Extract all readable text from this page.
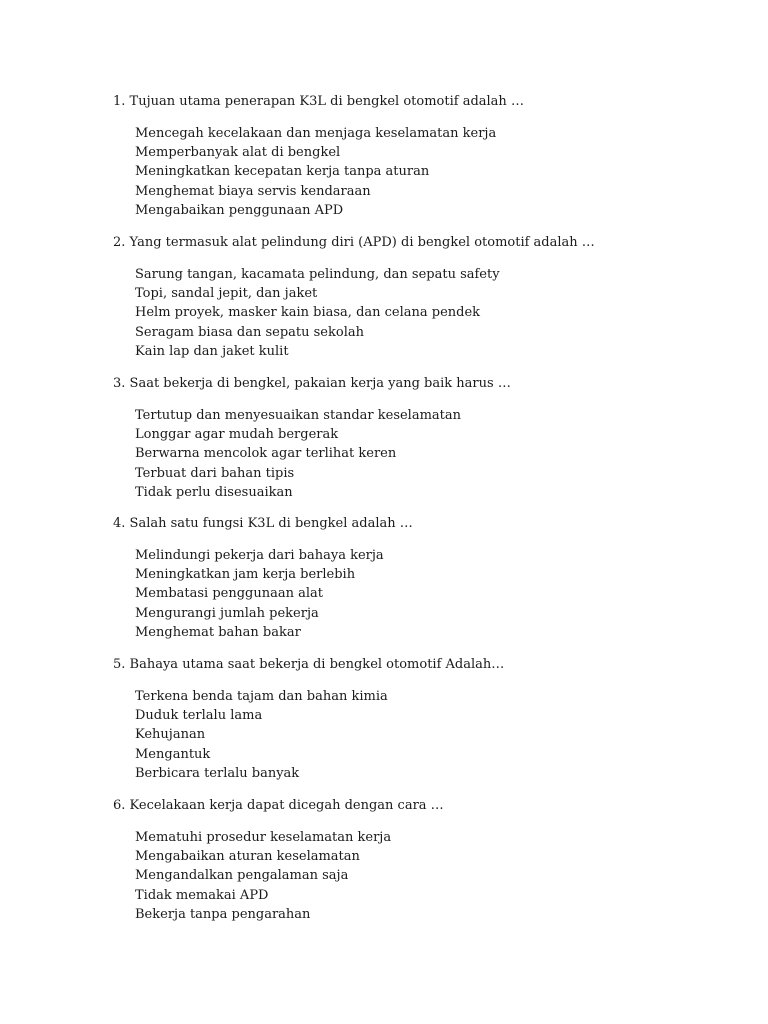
1. Tujuan utama penerapan K3L di bengkel otomotif adalah …
Mencegah kecelakaan dan menjaga keselamatan kerja
Memperbanyak alat di bengkel
Meningkatkan kecepatan kerja tanpa aturan
Menghemat biaya servis kendaraan
Mengabaikan penggunaan APD
2. Yang termasuk alat pelindung diri (APD) di bengkel otomotif adalah …
Sarung tangan, kacamata pelindung, dan sepatu safety
Topi, sandal jepit, dan jaket
Helm proyek, masker kain biasa, dan celana pendek
Seragam biasa dan sepatu sekolah
Kain lap dan jaket kulit
3. Saat bekerja di bengkel, pakaian kerja yang baik harus …
Tertutup dan menyesuaikan standar keselamatan
Longgar agar mudah bergerak
Berwarna mencolok agar terlihat keren
Terbuat dari bahan tipis
Tidak perlu disesuaikan
4. Salah satu fungsi K3L di bengkel adalah …
Melindungi pekerja dari bahaya kerja
Meningkatkan jam kerja berlebih
Membatasi penggunaan alat
Mengurangi jumlah pekerja
Menghemat bahan bakar
5. Bahaya utama saat bekerja di bengkel otomotif Adalah…
Terkena benda tajam dan bahan kimia
Duduk terlalu lama
Kehujanan
Mengantuk
Berbicara terlalu banyak
6. Kecelakaan kerja dapat dicegah dengan cara …
Mematuhi prosedur keselamatan kerja
Mengabaikan aturan keselamatan
Mengandalkan pengalaman saja
Tidak memakai APD
Bekerja tanpa pengarahan
